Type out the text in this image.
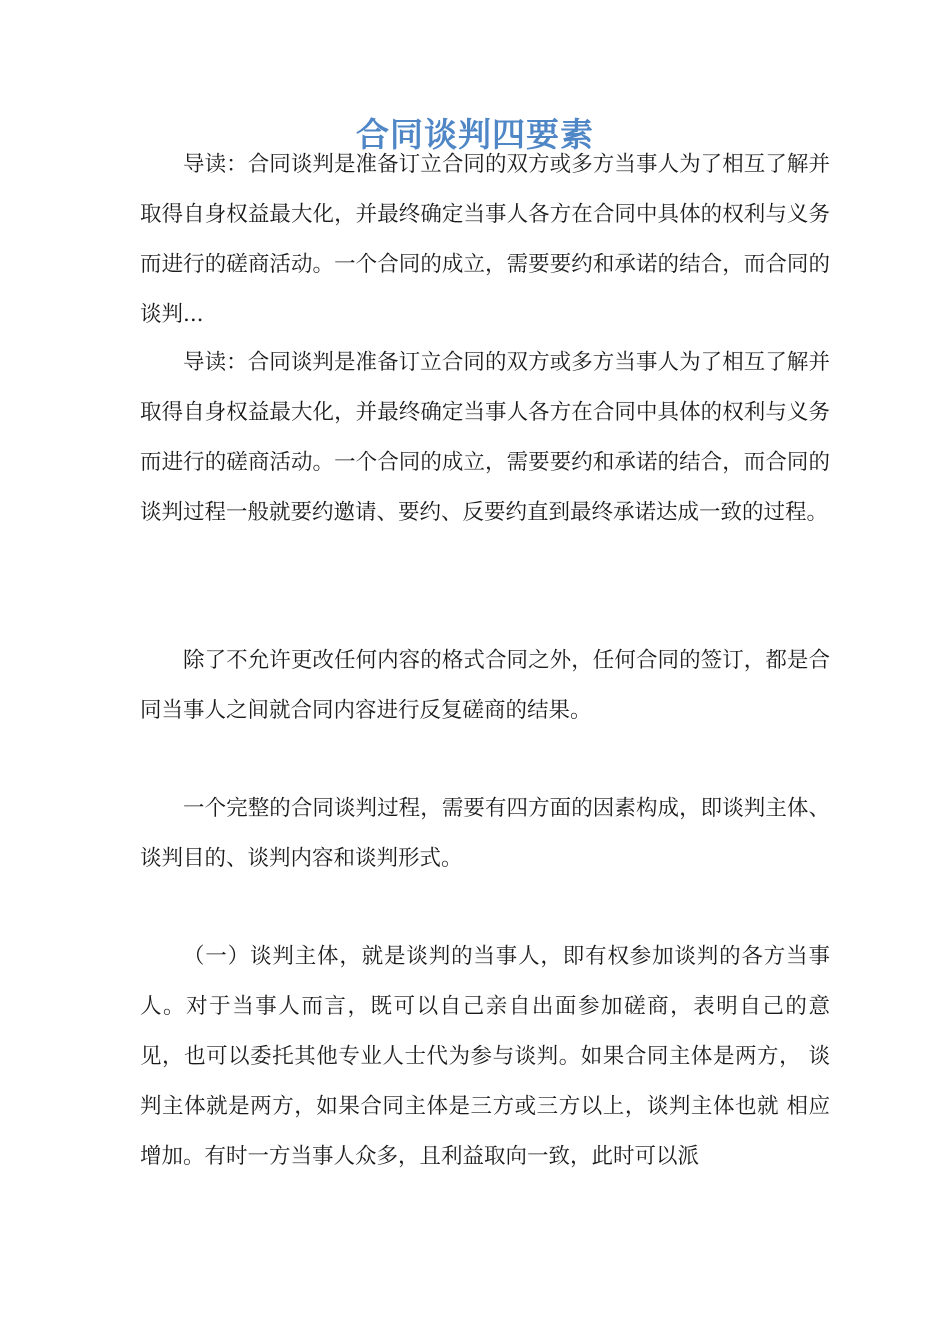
合同谈判四要素

导读：合同谈判是准备订立合同的双方或多方当事人为了相互了解并取得自身权益最大化，并最终确定当事人各方在合同中具体的权利与义务而进行的磋商活动。一个合同的成立，需要要约和承诺的结合，而合同的谈判...

导读：合同谈判是准备订立合同的双方或多方当事人为了相互了解并取得自身权益最大化，并最终确定当事人各方在合同中具体的权利与义务而进行的磋商活动。一个合同的成立，需要要约和承诺的结合，而合同的谈判过程一般就要约邀请、要约、反要约直到最终承诺达成一致的过程。

除了不允许更改任何内容的格式合同之外，任何合同的签订，都是合同当事人之间就合同内容进行反复磋商的结果。

一个完整的合同谈判过程，需要有四方面的因素构成，即谈判主体、谈判目的、谈判内容和谈判形式。

（一）谈判主体，就是谈判的当事人，即有权参加谈判的各方当事 人。对于当事人而言，既可以自己亲自出面参加磋商，表明自己的意 见，也可以委托其他专业人士代为参与谈判。如果合同主体是两方， 谈判主体就是两方，如果合同主体是三方或三方以上，谈判主体也就 相应增加。有时一方当事人众多，且利益取向一致，此时可以派
